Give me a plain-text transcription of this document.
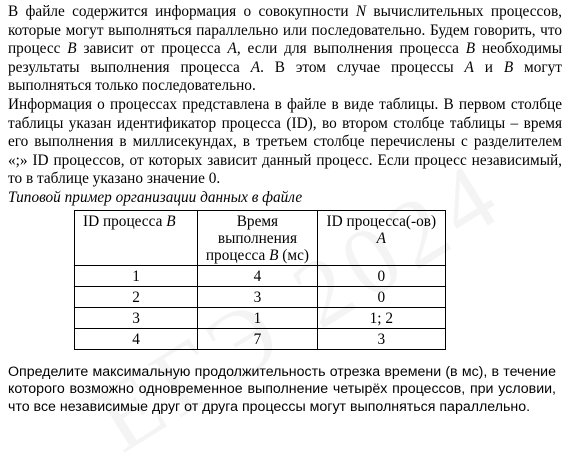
В файле содержится информация о совокупности N вычислительных процессов, которые могут выполняться параллельно или последовательно. Будем говорить, что процесс B зависит от процесса A, если для выполнения процесса B необходимы результаты выполнения процесса A. В этом случае процессы A и B могут выполняться только последовательно.

Информация о процессах представлена в файле в виде таблицы. В первом столбце таблицы указан идентификатор процесса (ID), во втором столбце таблицы – время его выполнения в миллисекундах, в третьем столбце перечислены с разделителем «;» ID процессов, от которых зависит данный процесс. Если процесс независимый, то в таблице указано значение 0.

Типовой пример организации данных в файле

ID процесса B	Время выполнения процесса B (мс)	ID процесса(-ов) A
1	4	0
2	3	0
3	1	1; 2
4	7	3

Определите максимальную продолжительность отрезка времени (в мс), в течение которого возможно одновременное выполнение четырёх процессов, при условии, что все независимые друг от друга процессы могут выполняться параллельно.
